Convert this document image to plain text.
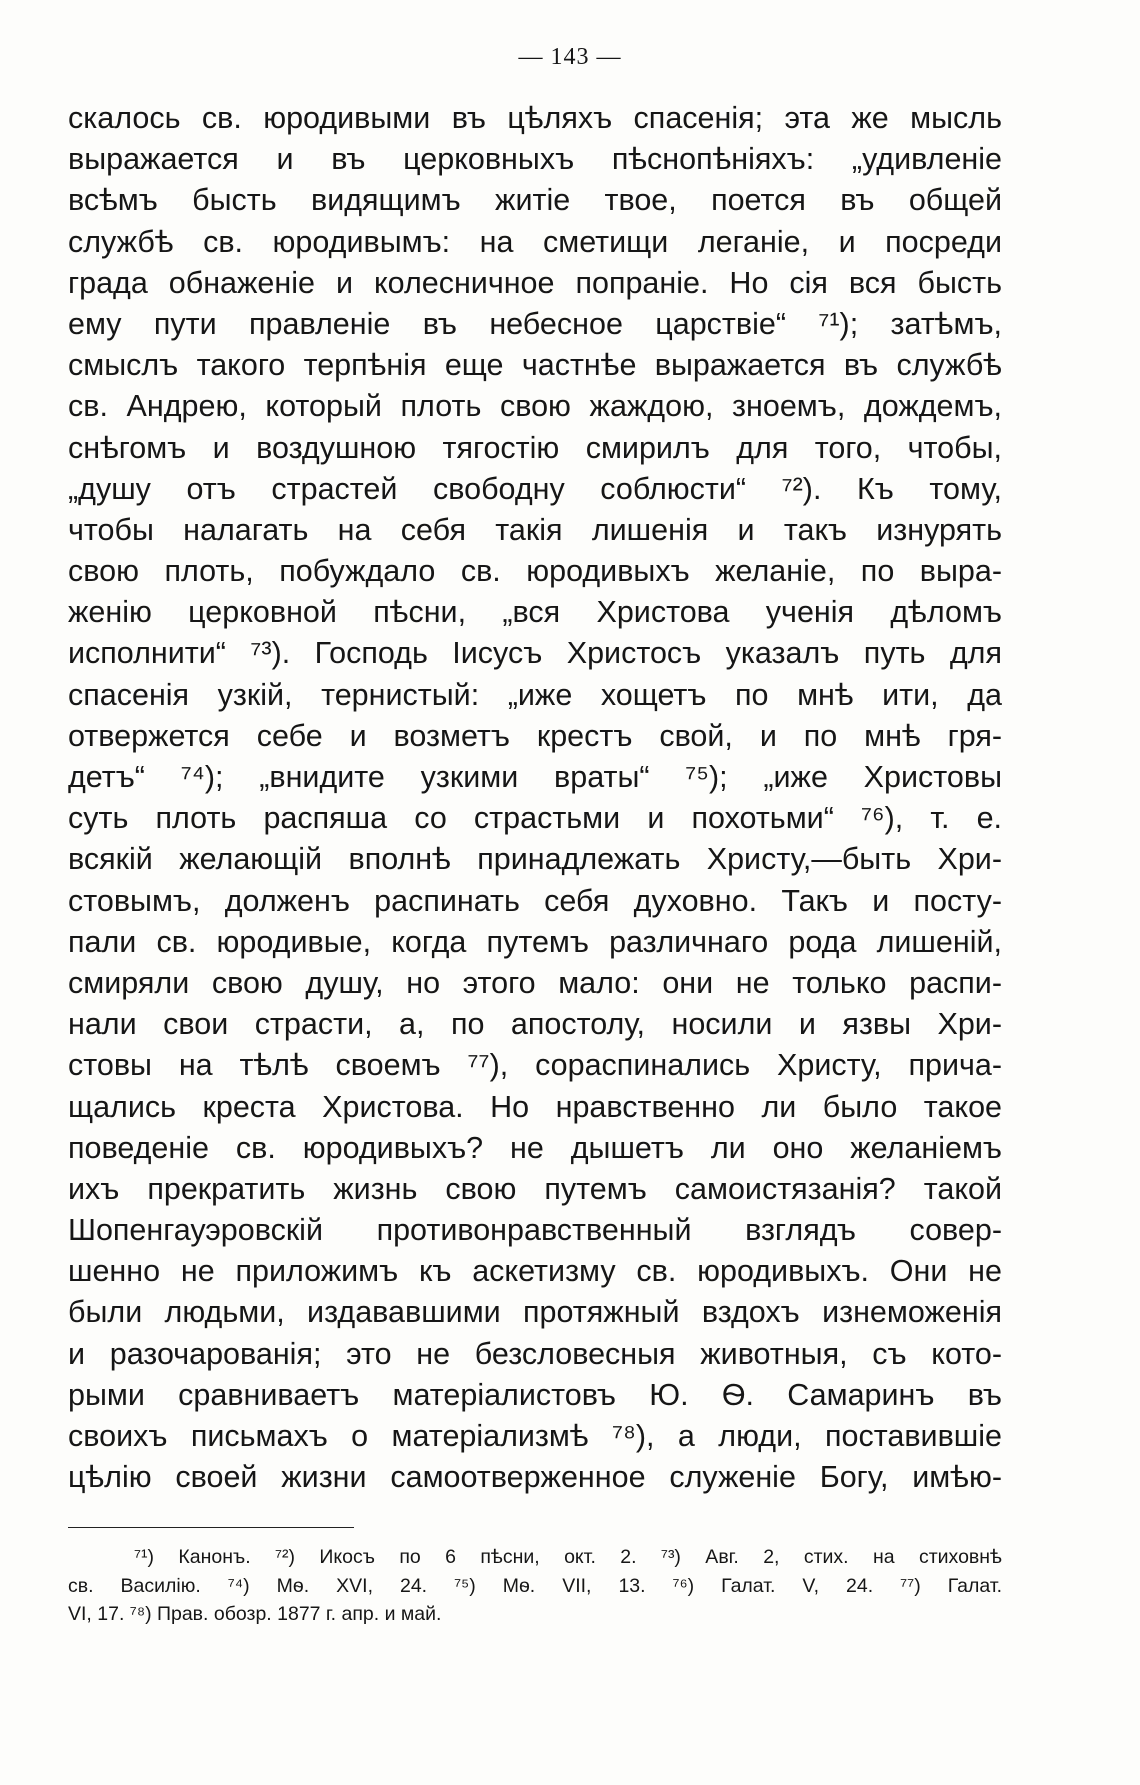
— 143 —
скалось св. юродивыми въ цѣляхъ спасенія; эта же мысль
выражается и въ церковныхъ пѣснопѣніяхъ: „удивленіе
всѣмъ бысть видящимъ житіе твое, поется въ общей
службѣ св. юродивымъ: на сметищи леганіе, и посреди
града обнаженіе и колесничное попраніе. Но сія вся бысть
ему пути правленіе въ небесное царствіе“ ⁷¹); затѣмъ,
смыслъ такого терпѣнія еще частнѣе выражается въ службѣ
св. Андрею, который плоть свою жаждою, зноемъ, дождемъ,
снѣгомъ и воздушною тягостію смирилъ для того, чтобы,
„душу отъ страстей свободну соблюсти“ ⁷²). Къ тому,
чтобы налагать на себя такія лишенія и такъ изнурять
свою плоть, побуждало св. юродивыхъ желаніе, по выра-
женію церковной пѣсни, „вся Христова ученія дѣломъ
исполнити“ ⁷³). Господь Іисусъ Христосъ указалъ путь для
спасенія узкій, тернистый: „иже хощетъ по мнѣ ити, да
отвержется себе и возметъ крестъ свой, и по мнѣ гря-
детъ“ ⁷⁴); „внидите узкими враты“ ⁷⁵); „иже Христовы
суть плоть распяша со страстьми и похотьми“ ⁷⁶), т. е.
всякій желающій вполнѣ принадлежать Христу,—быть Хри-
стовымъ, долженъ распинать себя духовно. Такъ и посту-
пали св. юродивые, когда путемъ различнаго рода лишеній,
смиряли свою душу, но этого мало: они не только распи-
нали свои страсти, а, по апостолу, носили и язвы Хри-
стовы на тѣлѣ своемъ ⁷⁷), сораспинались Христу, прича-
щались креста Христова. Но нравственно ли было такое
поведеніе св. юродивыхъ? не дышетъ ли оно желаніемъ
ихъ прекратить жизнь свою путемъ самоистязанія? такой
Шопенгауэровскій противонравственный взглядъ совер-
шенно не приложимъ къ аскетизму св. юродивыхъ. Они не
были людьми, издававшими протяжный вздохъ изнеможенія
и разочарованія; это не безсловесныя животныя, съ кото-
рыми сравниваетъ матеріалистовъ Ю. Ѳ. Самаринъ въ
своихъ письмахъ о матеріализмѣ ⁷⁸), а люди, поставившіе
цѣлію своей жизни самоотверженное служеніе Богу, имѣю-
⁷¹) Канонъ. ⁷²) Икосъ по 6 пѣсни, окт. 2. ⁷³) Авг. 2, стих. на стиховнѣ
св. Василію. ⁷⁴) Мѳ. XVI, 24. ⁷⁵) Мѳ. VII, 13. ⁷⁶) Галат. V, 24. ⁷⁷) Галат.
VI, 17. ⁷⁸) Прав. обозр. 1877 г. апр. и май.
